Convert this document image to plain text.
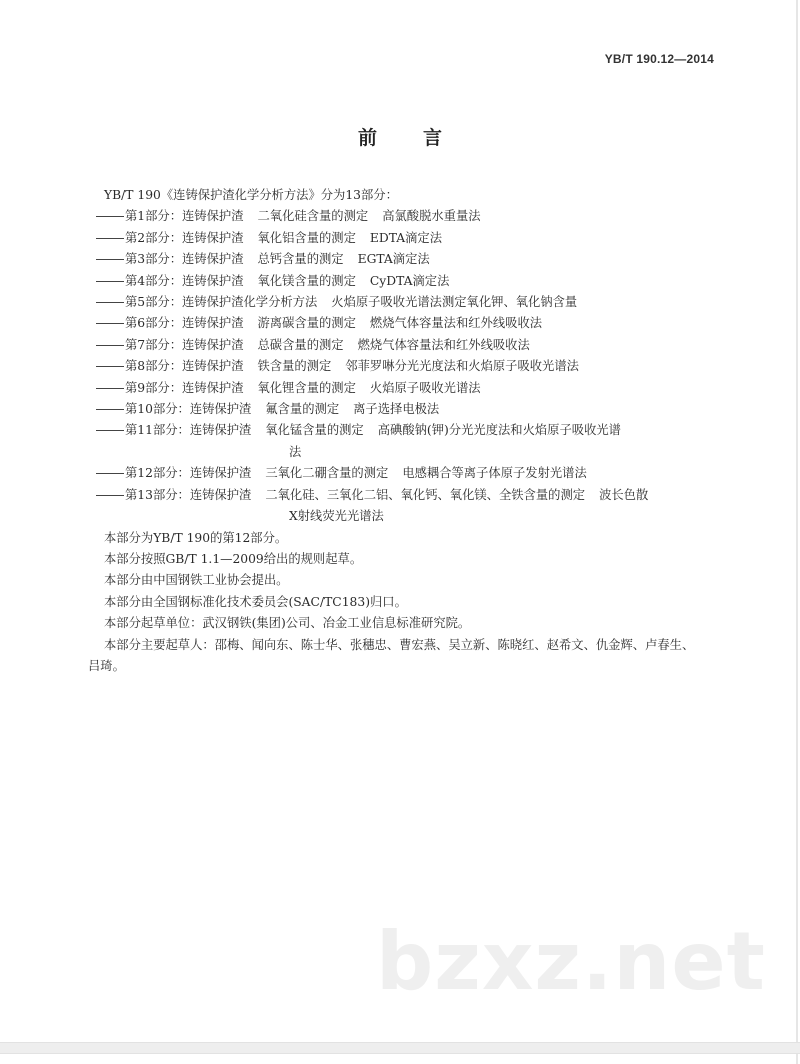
YB/T 190.12—2014
前 言
YB/T 190《连铸保护渣化学分析方法》分为13部分：
第1部分：连铸保护渣 二氧化硅含量的测定 高氯酸脱水重量法
第2部分：连铸保护渣 氧化铝含量的测定 EDTA滴定法
第3部分：连铸保护渣 总钙含量的测定 EGTA滴定法
第4部分：连铸保护渣 氧化镁含量的测定 CyDTA滴定法
第5部分：连铸保护渣化学分析方法 火焰原子吸收光谱法测定氧化钾、氧化钠含量
第6部分：连铸保护渣 游离碳含量的测定 燃烧气体容量法和红外线吸收法
第7部分：连铸保护渣 总碳含量的测定 燃烧气体容量法和红外线吸收法
第8部分：连铸保护渣 铁含量的测定 邻菲罗啉分光光度法和火焰原子吸收光谱法
第9部分：连铸保护渣 氧化锂含量的测定 火焰原子吸收光谱法
第10部分：连铸保护渣 氟含量的测定 离子选择电极法
第11部分：连铸保护渣 氧化锰含量的测定 高碘酸钠(钾)分光光度法和火焰原子吸收光谱
法
第12部分：连铸保护渣 三氧化二硼含量的测定 电感耦合等离子体原子发射光谱法
第13部分：连铸保护渣 二氧化硅、三氧化二铝、氧化钙、氧化镁、全铁含量的测定 波长色散
X射线荧光光谱法
本部分为YB/T 190的第12部分。
本部分按照GB/T 1.1—2009给出的规则起草。
本部分由中国钢铁工业协会提出。
本部分由全国钢标准化技术委员会(SAC/TC183)归口。
本部分起草单位：武汉钢铁(集团)公司、冶金工业信息标准研究院。
本部分主要起草人：邵梅、闻向东、陈士华、张穗忠、曹宏燕、吴立新、陈晓红、赵希文、仇金辉、卢春生、
吕琦。
bzxz.net
